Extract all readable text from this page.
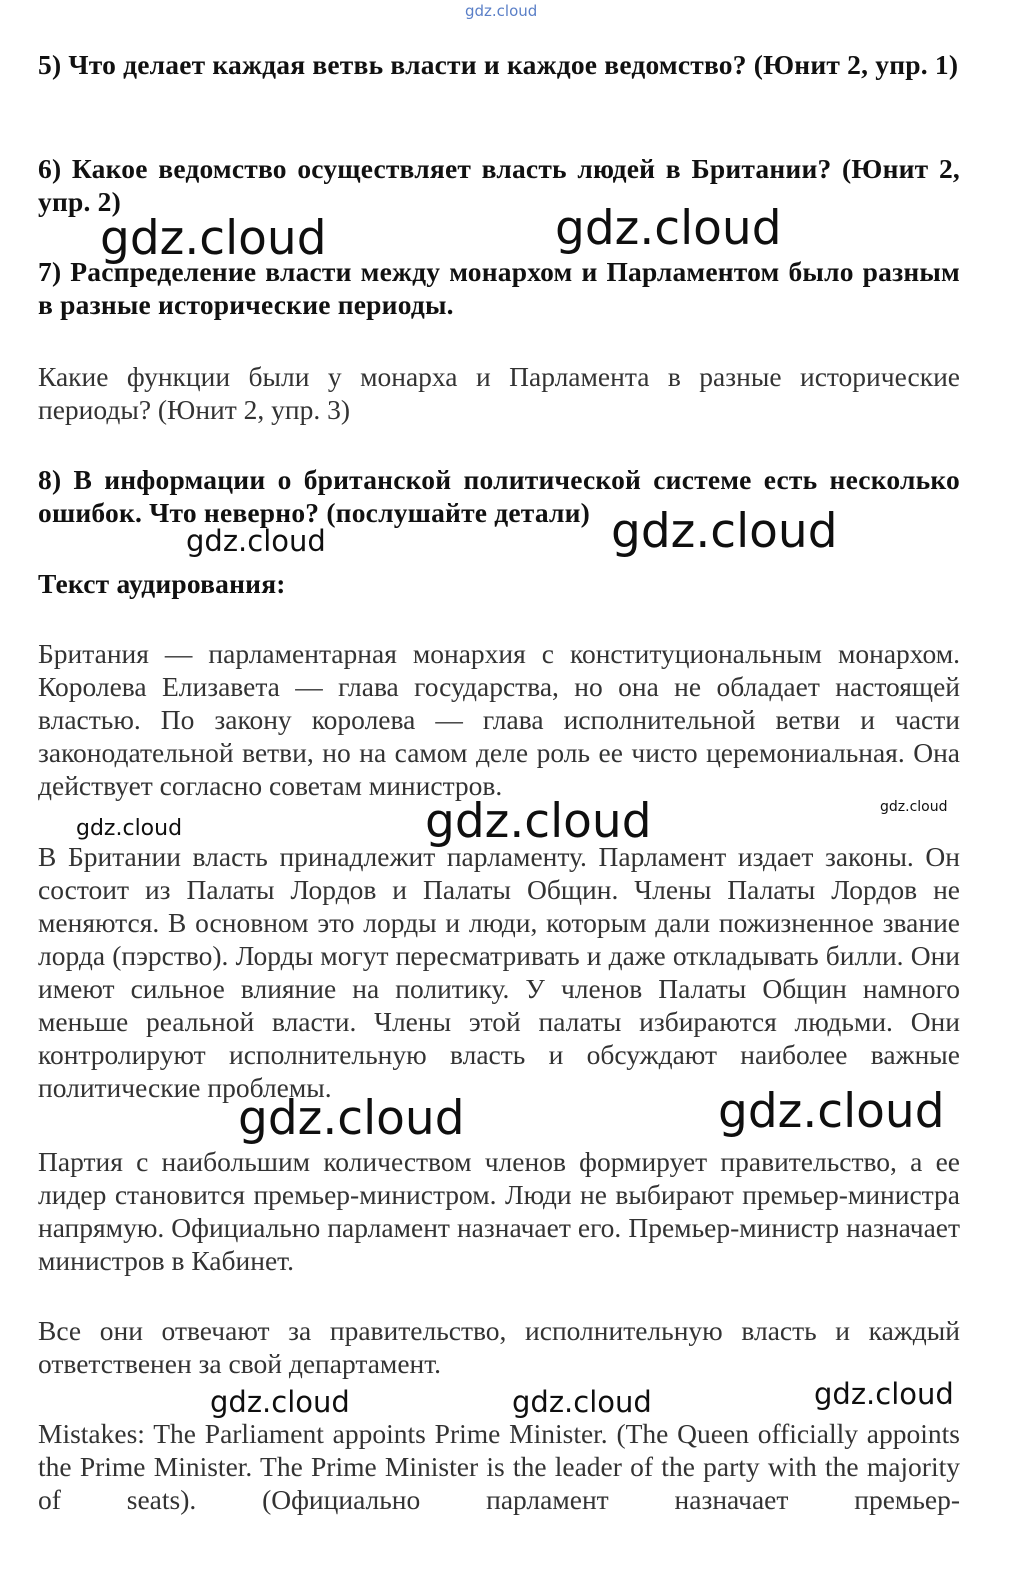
gdz.cloud

5) Что делает каждая ветвь власти и каждое ведомство? (Юнит 2, упр. 1)

6) Какое ведомство осуществляет власть людей в Британии? (Юнит 2, упр. 2)

7) Распределение власти между монархом и Парламентом было разным в разные исторические периоды.

Какие функции были у монарха и Парламента в разные исторические периоды? (Юнит 2, упр. 3)

8) В информации о британской политической системе есть несколько ошибок. Что неверно? (послушайте детали)

Текст аудирования:

Британия — парламентарная монархия с конституциональным монархом. Королева Елизавета — глава государства, но она не обладает настоящей властью. По закону королева — глава исполнительной ветви и части законодательной ветви, но на самом деле роль ее чисто церемониальная. Она действует согласно советам министров.

В Британии власть принадлежит парламенту. Парламент издает законы. Он состоит из Палаты Лордов и Палаты Общин. Члены Палаты Лордов не меняются. В основном это лорды и люди, которым дали пожизненное звание лорда (пэрство). Лорды могут пересматривать и даже откладывать билли. Они имеют сильное влияние на политику. У членов Палаты Общин намного меньше реальной власти. Члены этой палаты избираются людьми. Они контролируют исполнительную власть и обсуждают наиболее важные политические проблемы.

Партия с наибольшим количеством членов формирует правительство, а ее лидер становится премьер-министром. Люди не выбирают премьер-министра напрямую. Официально парламент назначает его. Премьер-министр назначает министров в Кабинет.

Все они отвечают за правительство, исполнительную власть и каждый ответственен за свой департамент.

Mistakes: The Parliament appoints Prime Minister. (The Queen officially appoints the Prime Minister. The Prime Minister is the leader of the party with the majority of seats). (Официально парламент назначает премьер-

gdz.cloud	gdz.cloud
gdz.cloud	gdz.cloud
gdz.cloud	gdz.cloud	gdz.cloud
gdz.cloud	gdz.cloud
gdz.cloud	gdz.cloud	gdz.cloud
